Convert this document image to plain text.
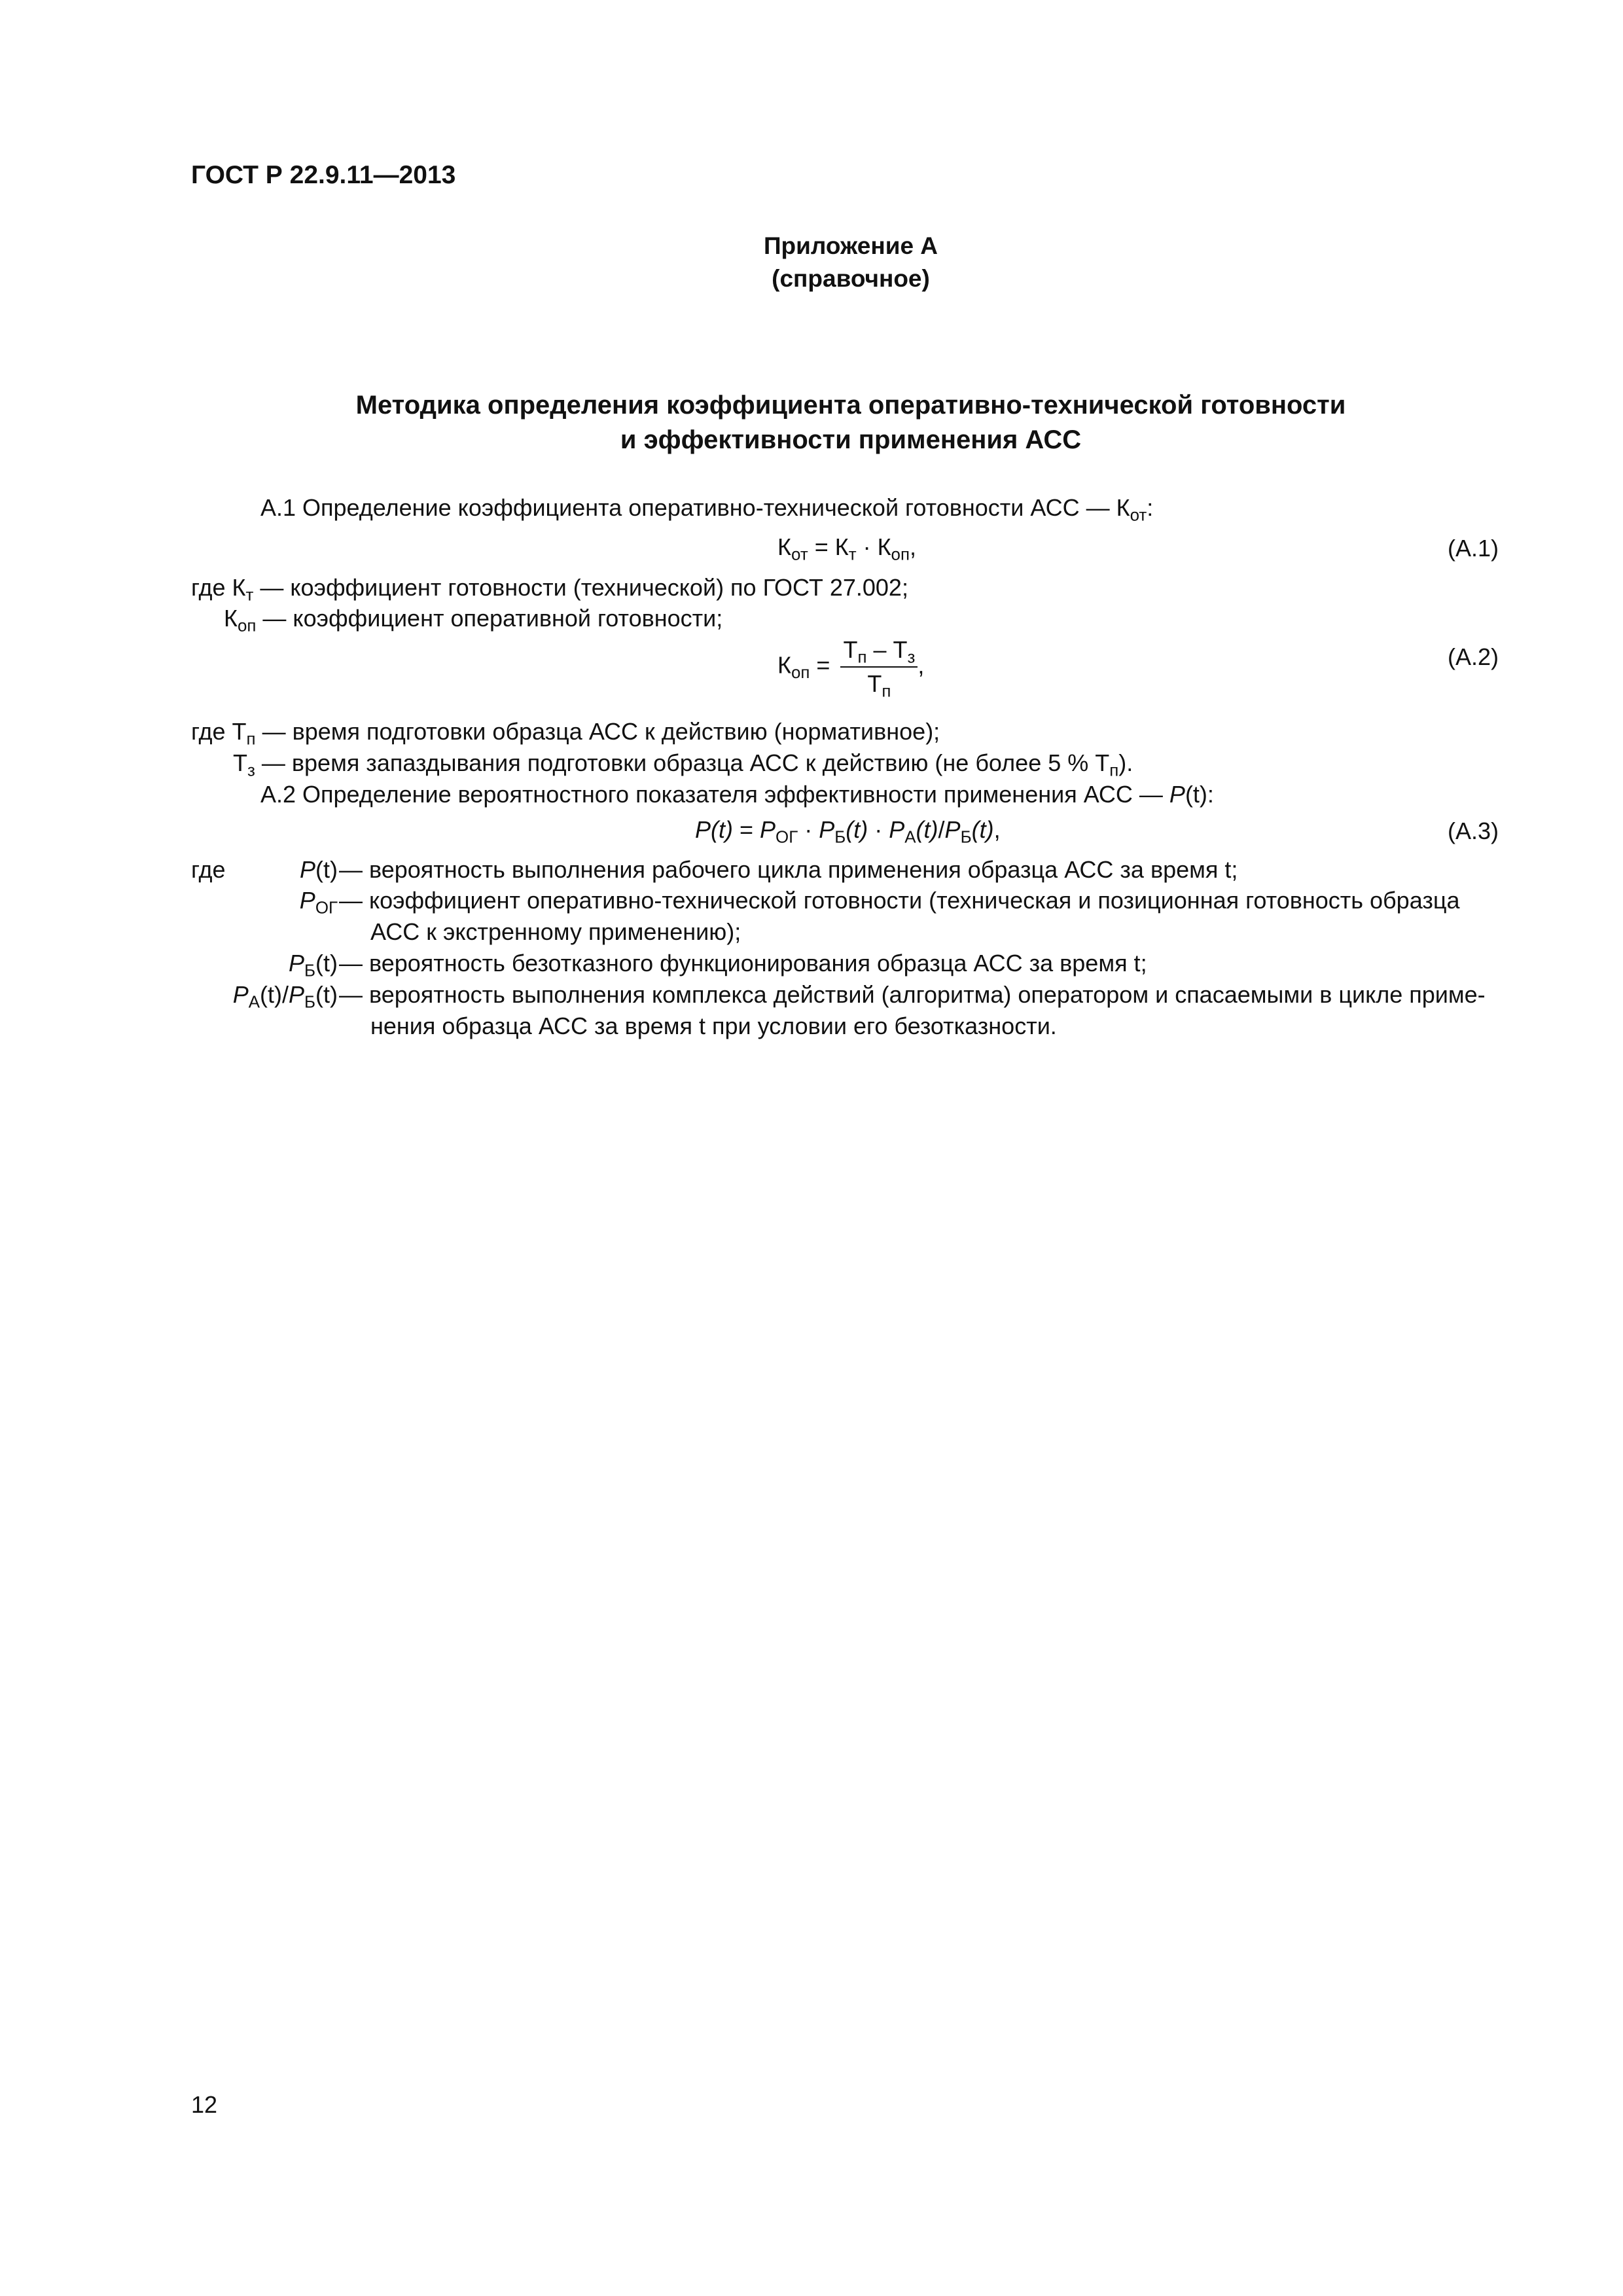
ГОСТ Р 22.9.11—2013
Приложение А
(справочное)
Методика определения коэффициента оперативно-технической готовности
и эффективности применения АСС
А.1 Определение коэффициента оперативно-технической готовности АСС — $К_{от}$:
$К_{от} = К_т \cdot К_{оп}$,	(А.1)
где $К_т$ — коэффициент готовности (технической) по ГОСТ 27.002;
$К_{оп}$ — коэффициент оперативной готовности;
$К_{оп} = \frac{Т_п - Т_з}{Т_п}$ ,	(А.2)
где $Т_п$ — время подготовки образца АСС к действию (нормативное);
$Т_з$ — время запаздывания подготовки образца АСС к действию (не более 5 % $Т_п$).
А.2 Определение вероятностного показателя эффективности применения АСС — P(t):
$P(t) = P_{ОГ} \cdot P_Б(t) \cdot P_А(t)/P_Б(t)$,	(А.3)
где	P(t) — вероятность выполнения рабочего цикла применения образца АСС за время t;
$P_{ОГ}$ — коэффициент оперативно-технической готовности (техническая и позиционная готовность образца
АСС к экстренному применению);
$P_Б(t)$ — вероятность безотказного функционирования образца АСС за время t;
$P_А(t)/P_Б(t)$ — вероятность выполнения комплекса действий (алгоритма) оператором и спасаемыми в цикле приме-
нения образца АСС за время t при условии его безотказности.
12
